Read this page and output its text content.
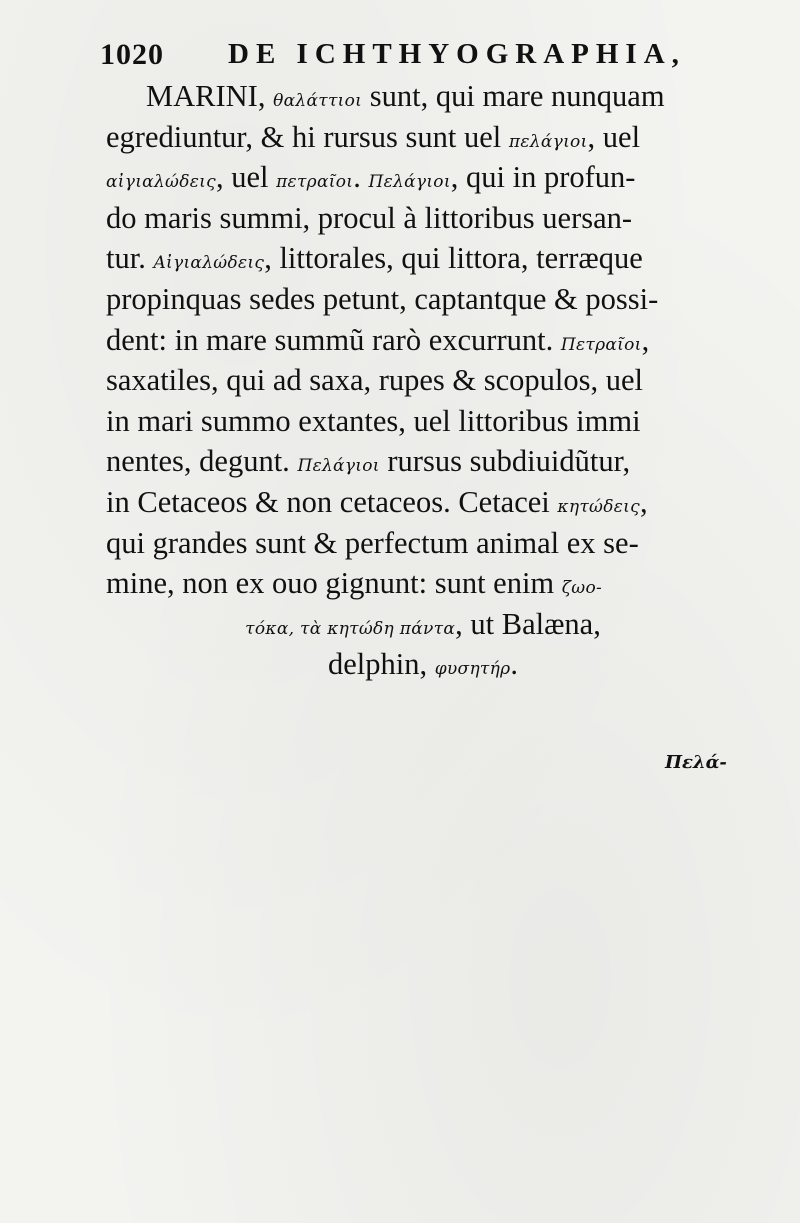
1020 DE ICHTHYOGRAPHIA,
MARINI, θαλάττιοι sunt, qui mare nunquam
egrediuntur, & hi rursus sunt uel πελάγιοι, uel
αἰγιαλώδεις, uel πετραῖοι. Πελάγιοι, qui in profun-
do maris summi, procul à littoribus uersan-
tur. Αἰγιαλώδεις, littorales, qui littora, terræque
propinquas sedes petunt, captantque & possi-
dent: in mare summũ rarò excurrunt. Πετραῖοι,
saxatiles, qui ad saxa, rupes & scopulos, uel
in mari summo extantes, uel littoribus immi
nentes, degunt. Πελάγιοι rursus subdiuidũtur,
in Cetaceos & non cetaceos. Cetacei κητώδεις,
qui grandes sunt & perfectum animal ex se-
mine, non ex ouo gignunt: sunt enim ζωο-
τόκα, τὰ κητώδη πάντα, ut Balæna,
delphin, φυσητήρ.
Πελά-
